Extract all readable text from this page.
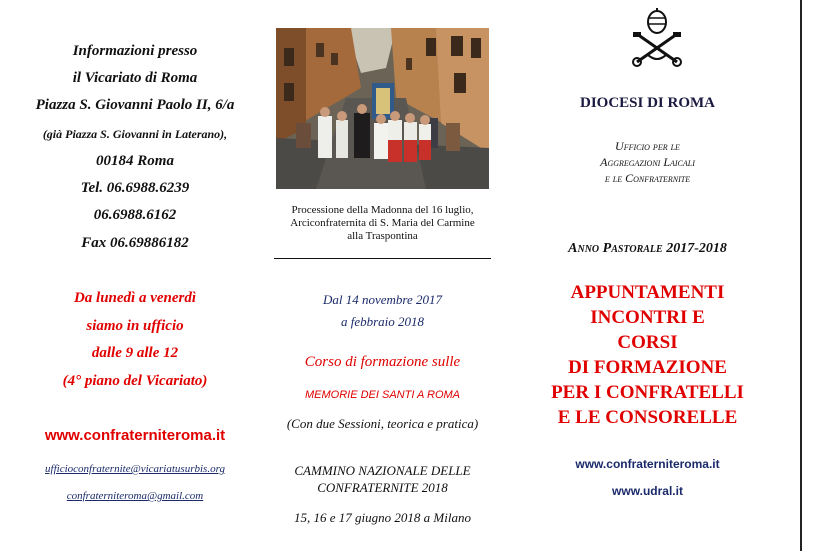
Informazioni presso
il Vicariato di Roma
Piazza S. Giovanni Paolo II, 6/a
(già Piazza S. Giovanni in Laterano),
00184 Roma
Tel. 06.6988.6239
06.6988.6162
Fax 06.69886182
Da lunedì a venerdì
siamo in ufficio
dalle 9 alle 12
(4° piano del Vicariato)
www.confraterniteroma.it
ufficioconfraternite@vicariatusurbis.org
confraterniteroma@gmail.com
Processione della Madonna del 16 luglio,
Arciconfraternita di S. Maria del Carmine
alla Traspontina
Dal 14 novembre 2017
a febbraio 2018
Corso di formazione sulle
MEMORIE DEI SANTI A ROMA
(Con due Sessioni, teorica e pratica)
CAMMINO NAZIONALE DELLE
CONFRATERNITE 2018
15, 16 e 17 giugno 2018 a Milano
DIOCESI DI ROMA
Ufficio per le
Aggregazioni Laicali
e le Confraternite
Anno Pastorale 2017-2018
APPUNTAMENTI
INCONTRI E
CORSI
DI FORMAZIONE
PER I CONFRATELLI
E LE CONSORELLE
www.confraterniteroma.it
www.udral.it
